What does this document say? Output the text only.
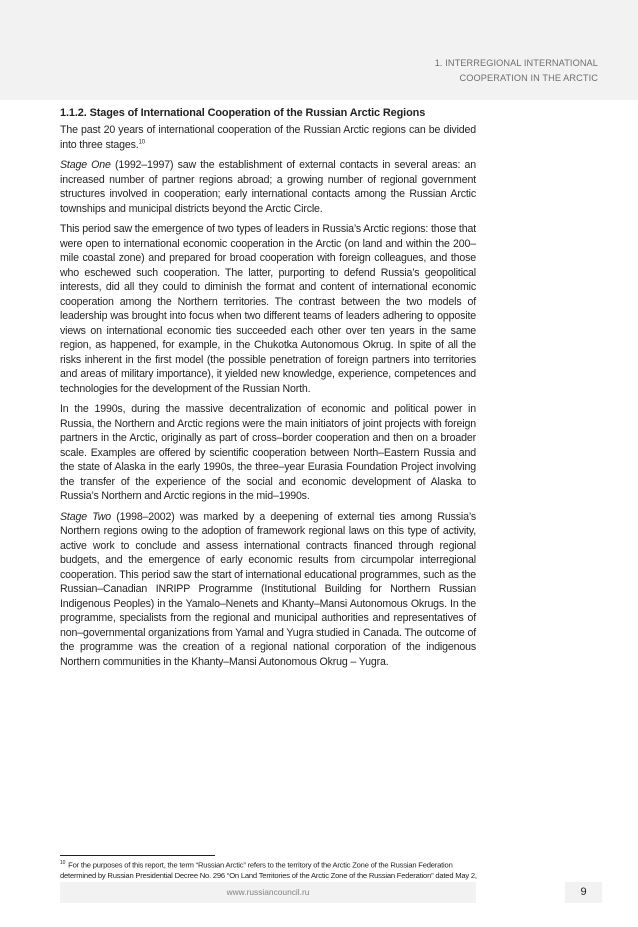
1. INTERREGIONAL INTERNATIONAL
COOPERATION IN THE ARCTIC
1.1.2. Stages of International Cooperation of the Russian Arctic Regions

The past 20 years of international cooperation of the Russian Arctic regions can be divided into three stages.$^{10}$

Stage One (1992–1997) saw the establishment of external contacts in several areas: an increased number of partner regions abroad; a growing number of regional government structures involved in cooperation; early international contacts among the Russian Arctic townships and municipal districts beyond the Arctic Circle.

This period saw the emergence of two types of leaders in Russia’s Arctic regions: those that were open to international economic cooperation in the Arctic (on land and within the 200–mile coastal zone) and prepared for broad cooperation with foreign colleagues, and those who eschewed such cooperation. The latter, purporting to defend Russia’s geopolitical interests, did all they could to diminish the format and content of international economic cooperation among the Northern territories. The contrast between the two models of leadership was brought into focus when two different teams of leaders adhering to opposite views on international economic ties succeeded each other over ten years in the same region, as happened, for example, in the Chukotka Autonomous Okrug. In spite of all the risks inherent in the first model (the possible penetration of foreign partners into territories and areas of military importance), it yielded new knowledge, experience, competences and technologies for the development of the Russian North.

In the 1990s, during the massive decentralization of economic and political power in Russia, the Northern and Arctic regions were the main initiators of joint projects with foreign partners in the Arctic, originally as part of cross–border cooperation and then on a broader scale. Examples are offered by scientific cooperation between North–Eastern Russia and the state of Alaska in the early 1990s, the three–year Eurasia Foundation Project involving the transfer of the experience of the social and economic development of Alaska to Russia’s Northern and Arctic regions in the mid–1990s.

Stage Two (1998–2002) was marked by a deepening of external ties among Russia’s Northern regions owing to the adoption of framework regional laws on this type of activity, active work to conclude and assess international contracts financed through regional budgets, and the emergence of early economic results from circumpolar interregional cooperation. This period saw the start of international educational programmes, such as the Russian–Canadian INRIPP Programme (Institutional Building for Northern Russian Indigenous Peoples) in the Yamalo–Nenets and Khanty–Mansi Autonomous Okrugs. In the programme, specialists from the regional and municipal authorities and representatives of non–governmental organizations from Yamal and Yugra studied in Canada. The outcome of the programme was the creation of a regional national corporation of the indigenous Northern communities in the Khanty–Mansi Autonomous Okrug – Yugra.

$^{10}$ For the purposes of this report, the term “Russian Arctic” refers to the territory of the Arctic Zone of the Russian Federation determined by Russian Presidential Decree No. 296 “On Land Territories of the Arctic Zone of the Russian Federation” dated May 2,
www.russiancouncil.ru	9
